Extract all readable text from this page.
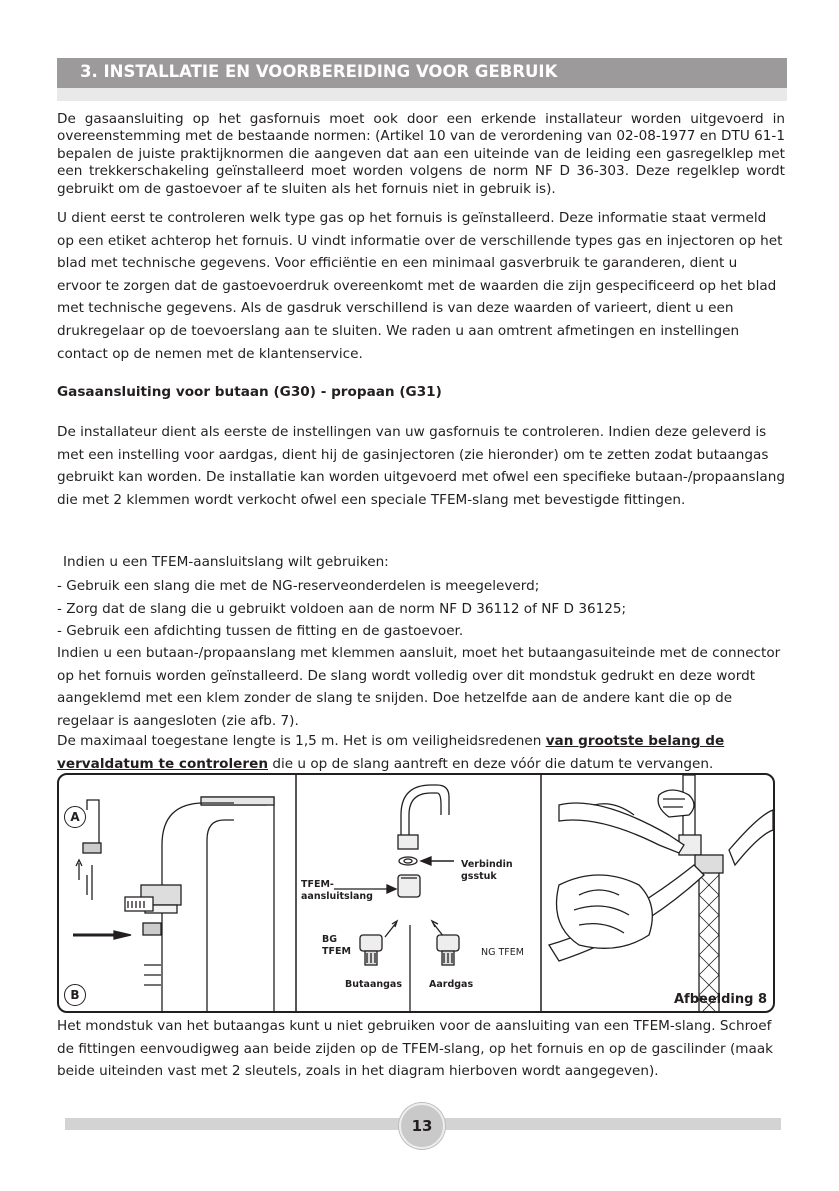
3. INSTALLATIE EN VOORBEREIDING VOOR GEBRUIK
De gasaansluiting op het gasfornuis moet ook door een erkende installateur worden uitgevoerd in overeenstemming met de bestaande normen: (Artikel 10 van de verordening van 02-08-1977 en DTU 61-1 bepalen de juiste praktijknormen die aangeven dat aan een uiteinde van de leiding een gasregelklep met een trekkerschakeling geïnstalleerd moet worden volgens de norm NF D 36-303. Deze regelklep wordt gebruikt om de gastoevoer af te sluiten als het fornuis niet in gebruik is).
U dient eerst te controleren welk type gas op het fornuis is geïnstalleerd. Deze informatie staat vermeld op een etiket achterop het fornuis. U vindt informatie over de verschillende types gas en injectoren op het blad met technische gegevens. Voor efficiëntie en een minimaal gasverbruik te garanderen, dient u ervoor te zorgen dat de gastoevoerdruk overeenkomt met de waarden die zijn gespecificeerd op het blad met technische gegevens. Als de gasdruk verschillend is van deze waarden of varieert, dient u een drukregelaar op de toevoerslang aan te sluiten. We raden u aan omtrent afmetingen en instellingen contact op de nemen met de klantenservice.
Gasaansluiting voor butaan (G30) - propaan (G31)
De installateur dient als eerste de instellingen van uw gasfornuis te controleren. Indien deze geleverd is met een instelling voor aardgas, dient hij de gasinjectoren (zie hieronder) om te zetten zodat butaangas gebruikt kan worden. De installatie kan worden uitgevoerd met ofwel een specifieke butaan-/propaanslang die met 2 klemmen wordt verkocht ofwel een speciale TFEM-slang met bevestigde fittingen.
Indien u een TFEM-aansluitslang wilt gebruiken:
- Gebruik een slang die met de NG-reserveonderdelen is meegeleverd;
- Zorg dat de slang die u gebruikt voldoen aan de norm NF D 36112 of NF D 36125;
- Gebruik een afdichting tussen de fitting en de gastoevoer.
Indien u een butaan-/propaanslang met klemmen aansluit, moet het butaangasuiteinde met de connector op het fornuis worden geïnstalleerd. De slang wordt volledig over dit mondstuk gedrukt en deze wordt aangeklemd met een klem zonder de slang te snijden. Doe hetzelfde aan de andere kant die op de regelaar is aangesloten (zie afb. 7).
De maximaal toegestane lengte is 1,5 m. Het is om veiligheidsredenen van grootste belang de vervaldatum te controleren die u op de slang aantreft en deze vóór die datum te vervangen.
A
B
Verbindin
gsstuk
TFEM-
aansluitslang
BG
TFEM	NG TFEM
Butaangas	Aardgas
Afbeelding 8
Het mondstuk van het butaangas kunt u niet gebruiken voor de aansluiting van een TFEM-slang. Schroef de fittingen eenvoudigweg aan beide zijden op de TFEM-slang, op het fornuis en op de gascilinder (maak beide uiteinden vast met 2 sleutels, zoals in het diagram hierboven wordt aangegeven).
13
